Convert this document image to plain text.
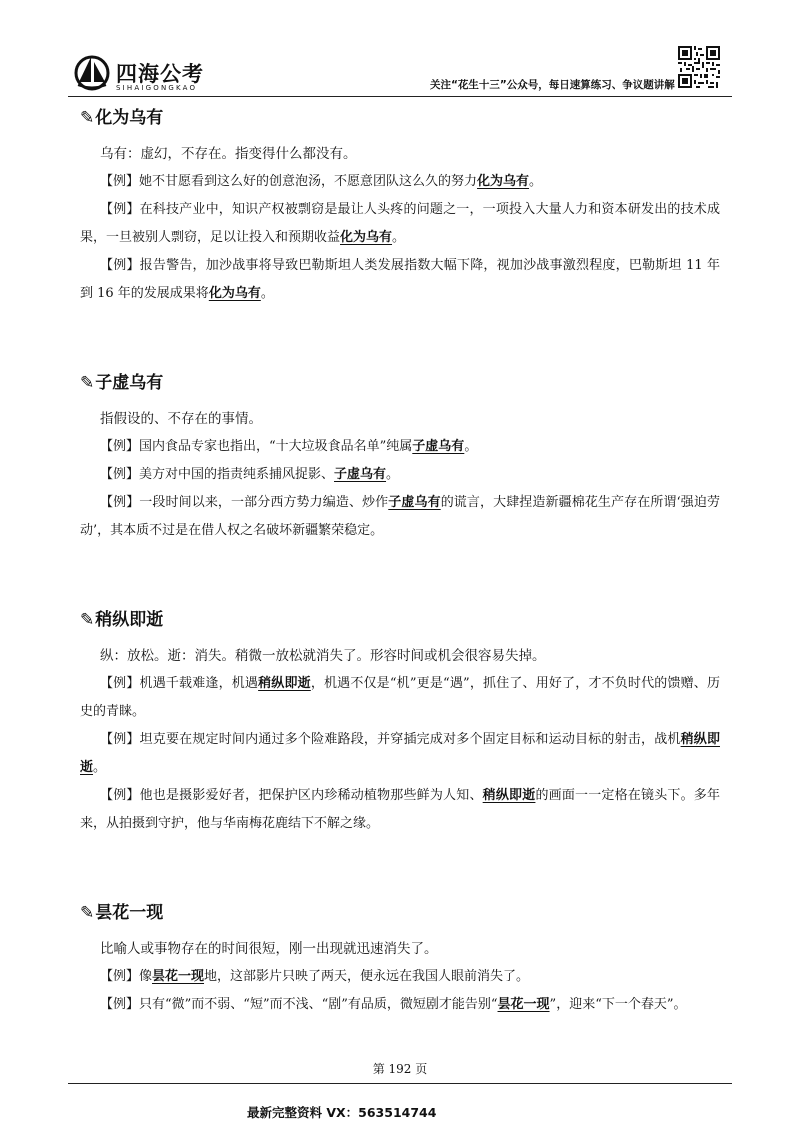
四海公考
SIHAIGONGKAO	关注“花生十三”公众号，每日速算练习、争议题讲解
✎化为乌有

乌有：虚幻，不存在。指变得什么都没有。

【例】她不甘愿看到这么好的创意泡汤，不愿意团队这么久的努力化为乌有。

【例】在科技产业中，知识产权被剽窃是最让人头疼的问题之一，一项投入大量人力和资本研发出的技术成果，一旦被别人剽窃，足以让投入和预期收益化为乌有。

【例】报告警告，加沙战事将导致巴勒斯坦人类发展指数大幅下降，视加沙战事激烈程度，巴勒斯坦 11 年到 16 年的发展成果将化为乌有。

✎子虚乌有

指假设的、不存在的事情。

【例】国内食品专家也指出，“十大垃圾食品名单”纯属子虚乌有。

【例】美方对中国的指责纯系捕风捉影、子虚乌有。

【例】一段时间以来，一部分西方势力编造、炒作子虚乌有的谎言，大肆捏造新疆棉花生产存在所谓‘强迫劳动’，其本质不过是在借人权之名破坏新疆繁荣稳定。

✎稍纵即逝

纵：放松。逝：消失。稍微一放松就消失了。形容时间或机会很容易失掉。

【例】机遇千载难逢，机遇稍纵即逝，机遇不仅是“机”更是“遇”，抓住了、用好了，才不负时代的馈赠、历史的青睐。

【例】坦克要在规定时间内通过多个险难路段，并穿插完成对多个固定目标和运动目标的射击，战机稍纵即逝。

【例】他也是摄影爱好者，把保护区内珍稀动植物那些鲜为人知、稍纵即逝的画面一一定格在镜头下。多年来，从拍摄到守护，他与华南梅花鹿结下不解之缘。

✎昙花一现

比喻人或事物存在的时间很短，刚一出现就迅速消失了。

【例】像昙花一现地，这部影片只映了两天，便永远在我国人眼前消失了。

【例】只有“微”而不弱、“短”而不浅、“剧”有品质，微短剧才能告别“昙花一现”，迎来“下一个春天”。

第 192 页
最新完整资料 VX：563514744
